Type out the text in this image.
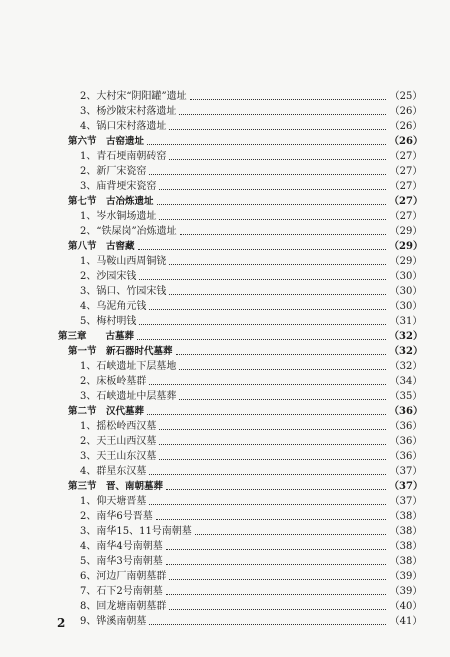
2、大村宋“阴阳罐”遗址	（25）
3、杨沙陂宋村落遗址	（26）
4、锅口宋村落遗址	（26）
第六节　古窑遗址	（26）
1、青石埂南朝砖窑	（27）
2、新厂宋瓷窑	（27）
3、庙背埂宋瓷窑	（27）
第七节　古冶炼遗址	（27）
1、岑水铜场遗址	（27）
2、“铁屎岗”冶炼遗址	（29）
第八节　古窖藏	（29）
1、马鞍山西周铜铙	（29）
2、沙园宋钱	（30）
3、锅口、竹园宋钱	（30）
4、乌泥角元钱	（30）
5、梅村明钱	（31）
第三章　　古墓葬	（32）
第一节　新石器时代墓葬	（32）
1、石峡遗址下层墓地	（32）
2、床板岭墓群	（34）
3、石峡遗址中层墓葬	（35）
第二节　汉代墓葬	（36）
1、摇松岭西汉墓	（36）
2、天王山西汉墓	（36）
3、天王山东汉墓	（36）
4、群星东汉墓	（37）
第三节　晋、南朝墓葬	（37）
1、仰天塘晋墓	（37）
2、南华6号晋墓	（38）
3、南华15、11号南朝墓	（38）
4、南华4号南朝墓	（38）
5、南华3号南朝墓	（38）
6、河边厂南朝墓群	（39）
7、石下2号南朝墓	（39）
8、回龙塘南朝墓群	（40）
9、铧溪南朝墓	（41）
2
